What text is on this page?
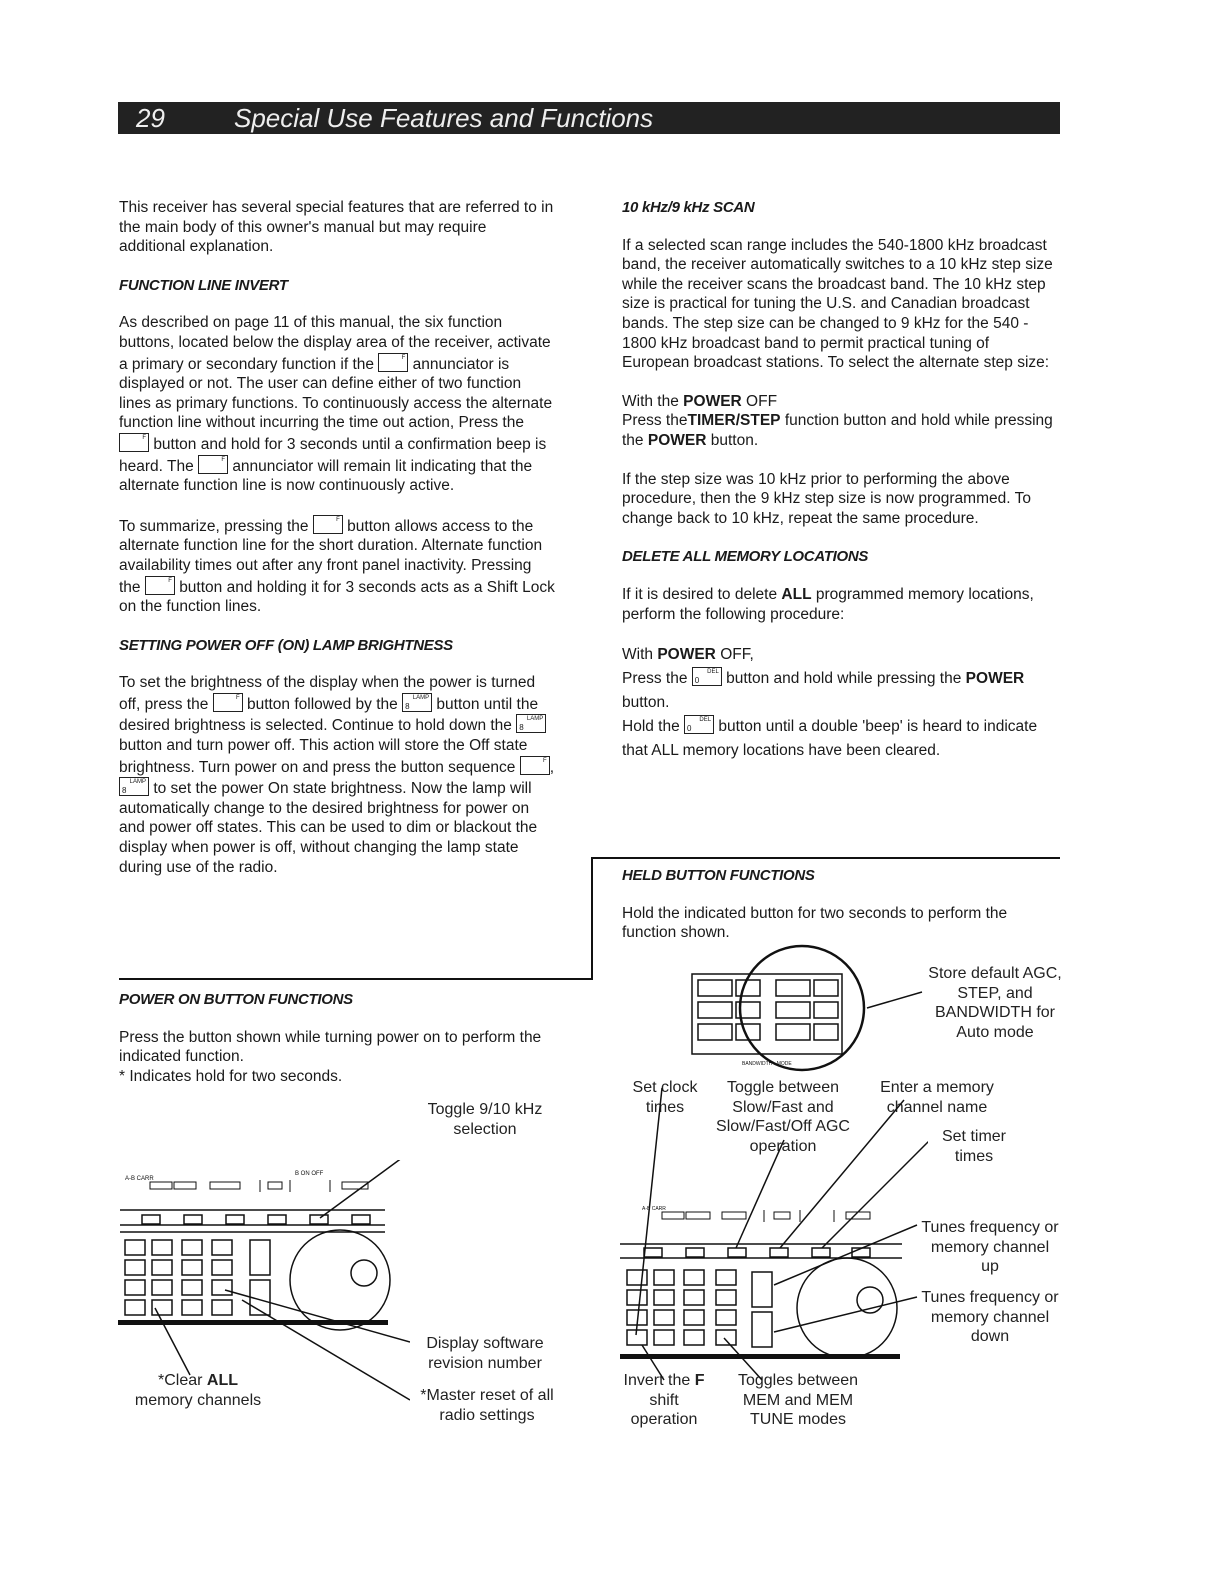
29	Special Use Features and Functions

This receiver has several special features that are referred to in the main body of this owner's manual but may require additional explanation.

FUNCTION LINE INVERT

As described on page 11 of this manual, the six function buttons, located below the display area of the receiver, activate a primary or secondary function if the	F annunciator is displayed or not. The user can define either of two function lines as primary functions. To continuously access the alternate function line without incurring the time out action, Press the
F button and hold for 3 seconds until a confirmation beep is heard. The	F annunciator will remain lit indicating that the alternate function line is now continuously active.

To summarize, pressing the	F button allows access to the alternate function line for the short duration. Alternate function availability times out after any front panel inactivity. Pressing the	F button and holding it for 3 seconds acts as a Shift Lock on the function lines.

SETTING POWER OFF (ON) LAMP BRIGHTNESS

To set the brightness of the display when the power is turned off, press the	F button followed by the LAMP
8 button until the desired brightness is selected. Continue to hold down the LAMP
8
button and turn power off. This action will store the Off state brightness. Turn power on and press the button sequence	F ,
LAMP
8 to set the power On state brightness. Now the lamp will automatically change to the desired brightness for power on and power off states. This can be used to dim or blackout the display when power is off, without changing the lamp state during use of the radio.

POWER ON BUTTON FUNCTIONS

Press the button shown while turning power on to perform the indicated function.

* Indicates hold for two seconds.

Toggle 9/10 kHz selection
Display software revision number
*Clear ALL
memory channels	*Master reset of all radio settings
A-B CARR
B ON OFF
10 kHz/9 kHz SCAN

If a selected scan range includes the 540-1800 kHz broadcast band, the receiver automatically switches to a 10 kHz step size while the receiver scans the broadcast band. The 10 kHz step size is practical for tuning the U.S. and Canadian broadcast bands. The step size can be changed to 9 kHz for the 540 - 1800 kHz broadcast band to permit practical tuning of European broadcast stations. To select the alternate step size:

With the POWER OFF
Press theTIMER/STEP function button and hold while pressing the POWER button.

If the step size was 10 kHz prior to performing the above procedure, then the 9 kHz step size is now programmed. To change back to 10 kHz, repeat the same procedure.

DELETE ALL MEMORY LOCATIONS

If it is desired to delete ALL programmed memory locations, perform the following procedure:

With POWER OFF,
Press the	DEL
0 button and hold while pressing the POWER button.
Hold the	DEL
0 button until a double 'beep' is heard to indicate that ALL memory locations have been cleared.

HELD BUTTON FUNCTIONS

Hold the indicated button for two seconds to perform the function shown.

Store default AGC, STEP, and BANDWIDTH for Auto mode
Set clock times
Toggle between Slow/Fast and Slow/Fast/Off AGC operation
Enter a memory channel name
Set timer times
Tunes frequency or memory channel up
Tunes frequency or memory channel down
Invert the F shift operation
Toggles between MEM and MEM TUNE modes
BANDWIDTH · MODE
A-B CARR
